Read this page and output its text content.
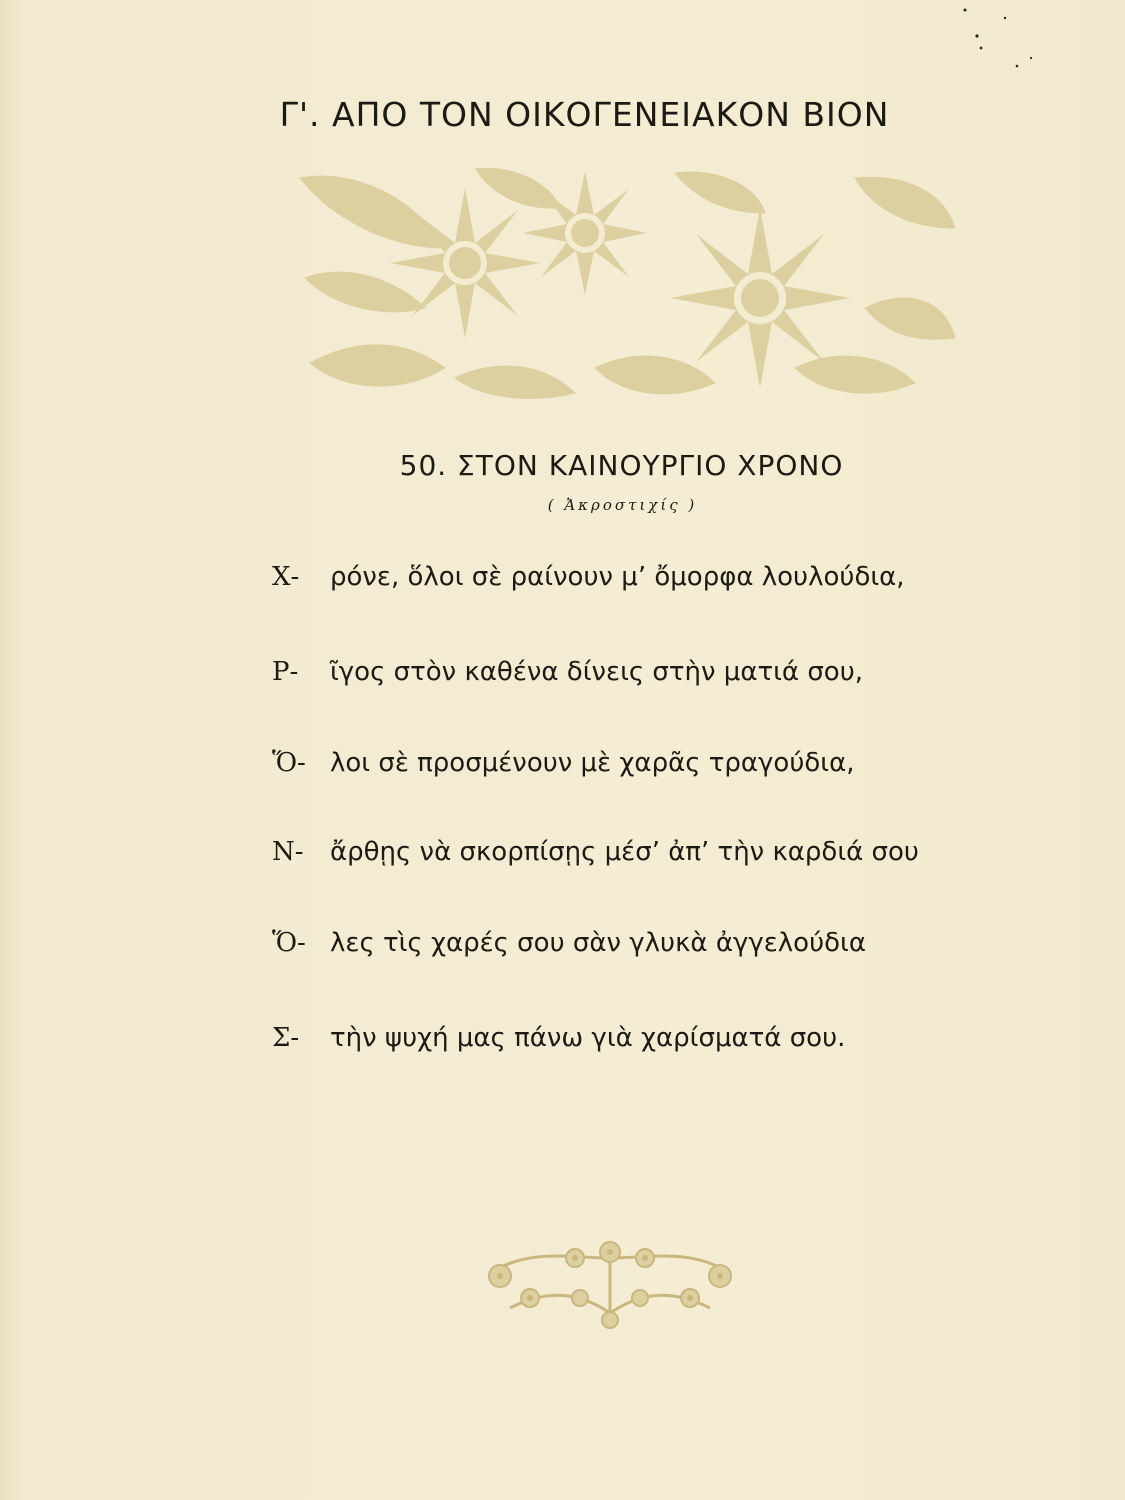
Γ'. ΑΠΟ ΤΟΝ ΟΙΚΟΓΕΝΕΙΑΚΟΝ ΒΙΟΝ
50. ΣΤΟΝ ΚΑΙΝΟΥΡΓΙΟ ΧΡΟΝΟ
( Ἀκροστιχίς )
Χ- ρόνε, ὅλοι σὲ ραίνουν μ’ ὄμορφα λουλούδια,
Ρ- ῖγος στὸν καθένα δίνεις στὴν ματιά σου,
Ὅ- λοι σὲ προσμένουν μὲ χαρᾶς τραγούδια,
Ν- ἄρθῃς νὰ σκορπίσῃς μέσ’ ἀπ’ τὴν καρδιά σου
Ὅ- λες τὶς χαρές σου σὰν γλυκὰ ἀγγελούδια
Σ- τὴν ψυχή μας πάνω γιὰ χαρίσματά σου.
